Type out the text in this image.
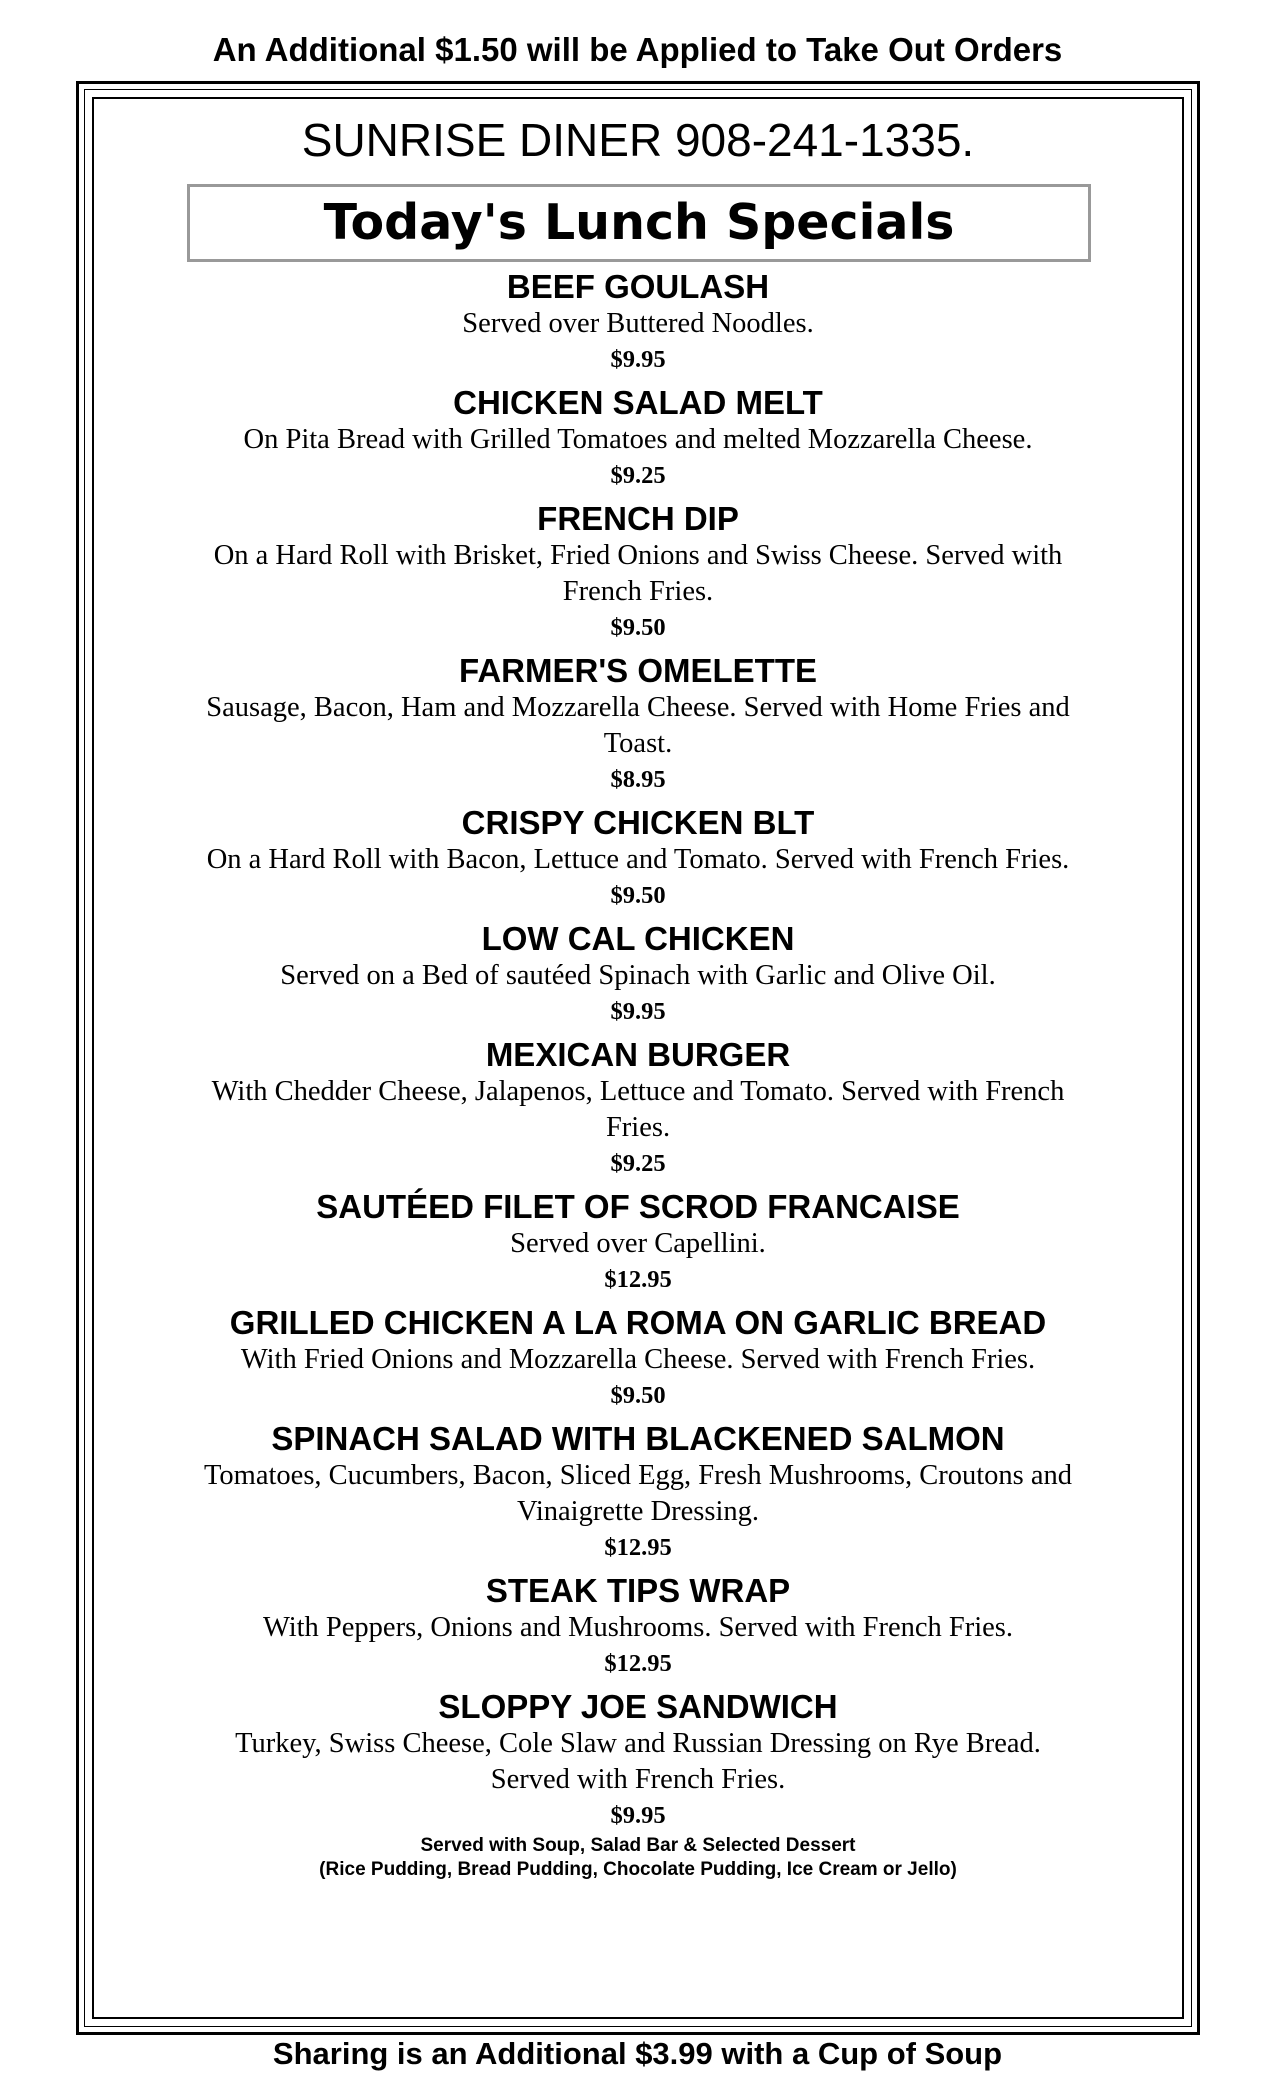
An Additional $1.50 will be Applied to Take Out Orders
SUNRISE DINER 908-241-1335.
Today's Lunch Specials
BEEF GOULASH
Served over Buttered Noodles.
$9.95
CHICKEN SALAD MELT
On Pita Bread with Grilled Tomatoes and melted Mozzarella Cheese.
$9.25
FRENCH DIP
On a Hard Roll with Brisket, Fried Onions and Swiss Cheese. Served with French Fries.
$9.50
FARMER'S OMELETTE
Sausage, Bacon, Ham and Mozzarella Cheese. Served with Home Fries and Toast.
$8.95
CRISPY CHICKEN BLT
On a Hard Roll with Bacon, Lettuce and Tomato. Served with French Fries.
$9.50
LOW CAL CHICKEN
Served on a Bed of sautéed Spinach with Garlic and Olive Oil.
$9.95
MEXICAN BURGER
With Chedder Cheese, Jalapenos, Lettuce and Tomato. Served with French Fries.
$9.25
SAUTÉED FILET OF SCROD FRANCAISE
Served over Capellini.
$12.95
GRILLED CHICKEN A LA ROMA ON GARLIC BREAD
With Fried Onions and Mozzarella Cheese. Served with French Fries.
$9.50
SPINACH SALAD WITH BLACKENED SALMON
Tomatoes, Cucumbers, Bacon, Sliced Egg, Fresh Mushrooms, Croutons and Vinaigrette Dressing.
$12.95
STEAK TIPS WRAP
With Peppers, Onions and Mushrooms. Served with French Fries.
$12.95
SLOPPY JOE SANDWICH
Turkey, Swiss Cheese, Cole Slaw and Russian Dressing on Rye Bread. Served with French Fries.
$9.95
Served with Soup, Salad Bar & Selected Dessert
(Rice Pudding, Bread Pudding, Chocolate Pudding, Ice Cream or Jello)
Sharing is an Additional $3.99 with a Cup of Soup
